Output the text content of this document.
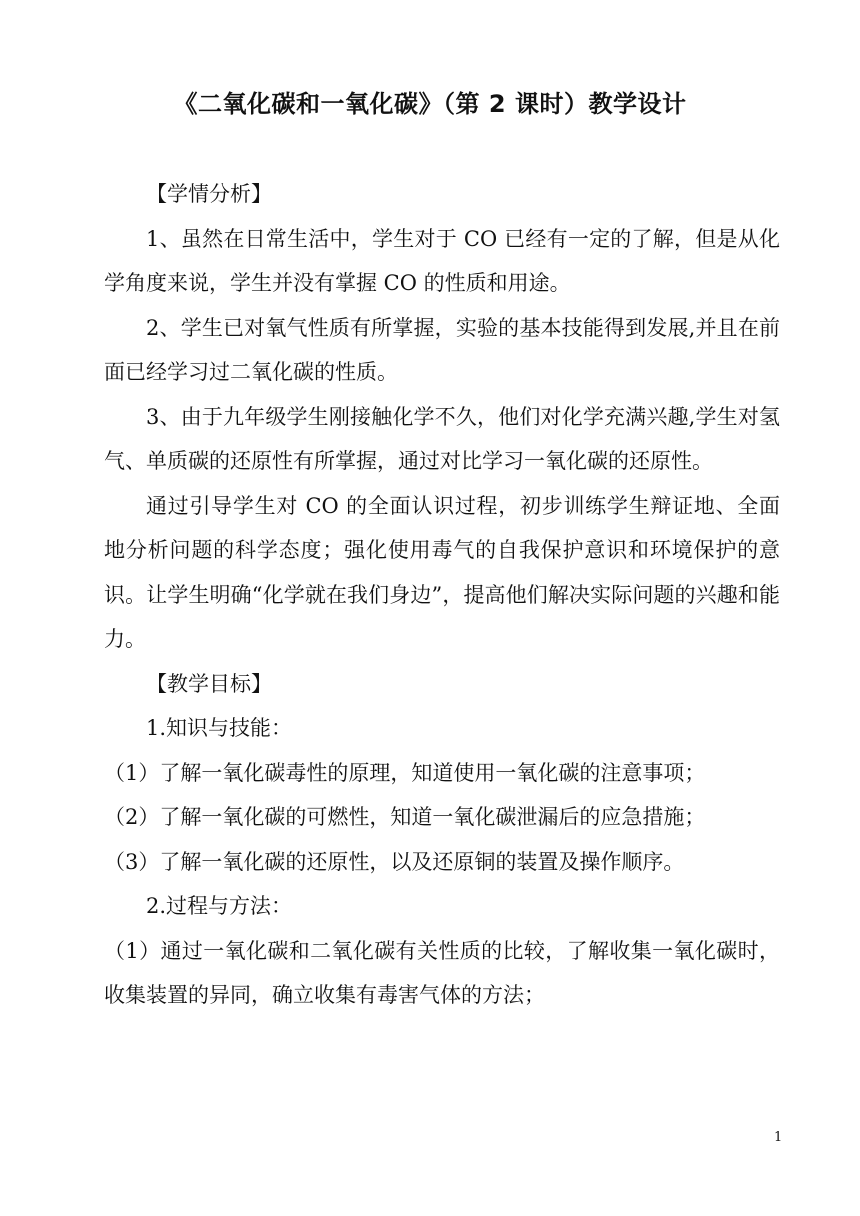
《二氧化碳和一氧化碳》（第 2 课时）教学设计

【学情分析】

1、虽然在日常生活中，学生对于 CO 已经有一定的了解，但是从化学角度来说，学生并没有掌握 CO 的性质和用途。

2、学生已对氧气性质有所掌握，实验的基本技能得到发展,并且在前面已经学习过二氧化碳的性质。

3、由于九年级学生刚接触化学不久，他们对化学充满兴趣,学生对氢气、单质碳的还原性有所掌握，通过对比学习一氧化碳的还原性。

通过引导学生对 CO 的全面认识过程，初步训练学生辩证地、全面地分析问题的科学态度；强化使用毒气的自我保护意识和环境保护的意识。让学生明确“化学就在我们身边”，提高他们解决实际问题的兴趣和能力。

【教学目标】

1.知识与技能：

（1）了解一氧化碳毒性的原理，知道使用一氧化碳的注意事项；

（2）了解一氧化碳的可燃性，知道一氧化碳泄漏后的应急措施；

（3）了解一氧化碳的还原性，以及还原铜的装置及操作顺序。

2.过程与方法：

（1）通过一氧化碳和二氧化碳有关性质的比较，了解收集一氧化碳时，收集装置的异同，确立收集有毒害气体的方法；

1
